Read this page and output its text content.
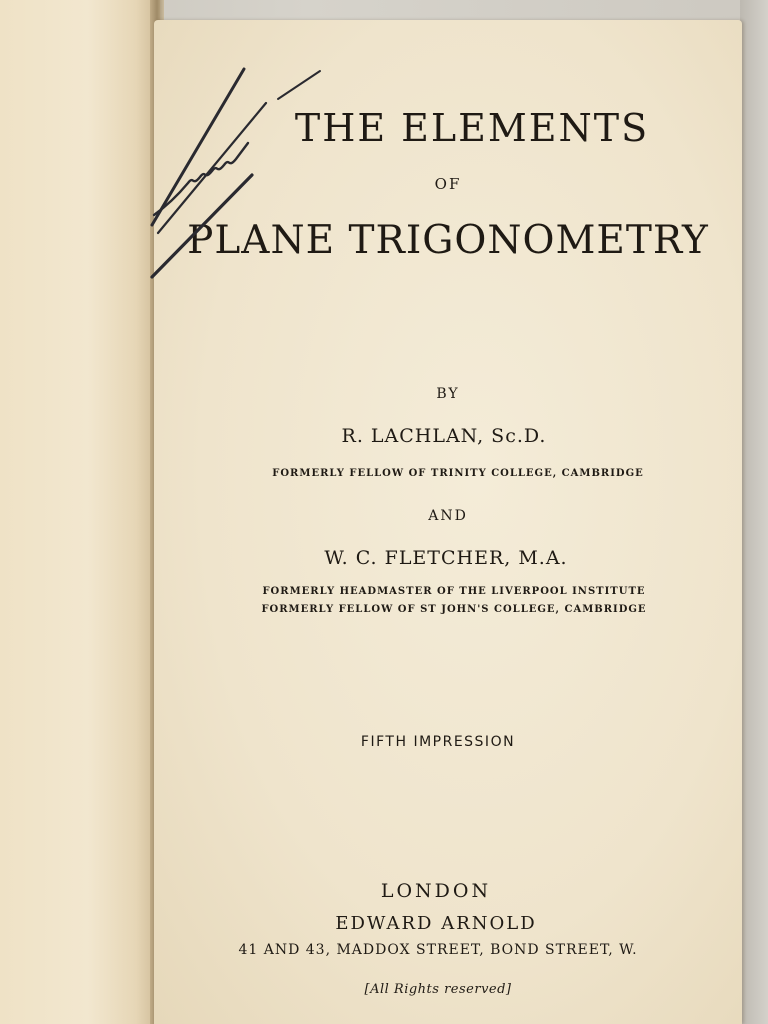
THE ELEMENTS
OF
PLANE TRIGONOMETRY
BY
R. LACHLAN, Sc.D.
FORMERLY FELLOW OF TRINITY COLLEGE, CAMBRIDGE
AND
W. C. FLETCHER, M.A.
FORMERLY HEADMASTER OF THE LIVERPOOL INSTITUTE
FORMERLY FELLOW OF ST JOHN'S COLLEGE, CAMBRIDGE
FIFTH IMPRESSION
LONDON
EDWARD ARNOLD
41 AND 43, MADDOX STREET, BOND STREET, W.
[All Rights reserved]
